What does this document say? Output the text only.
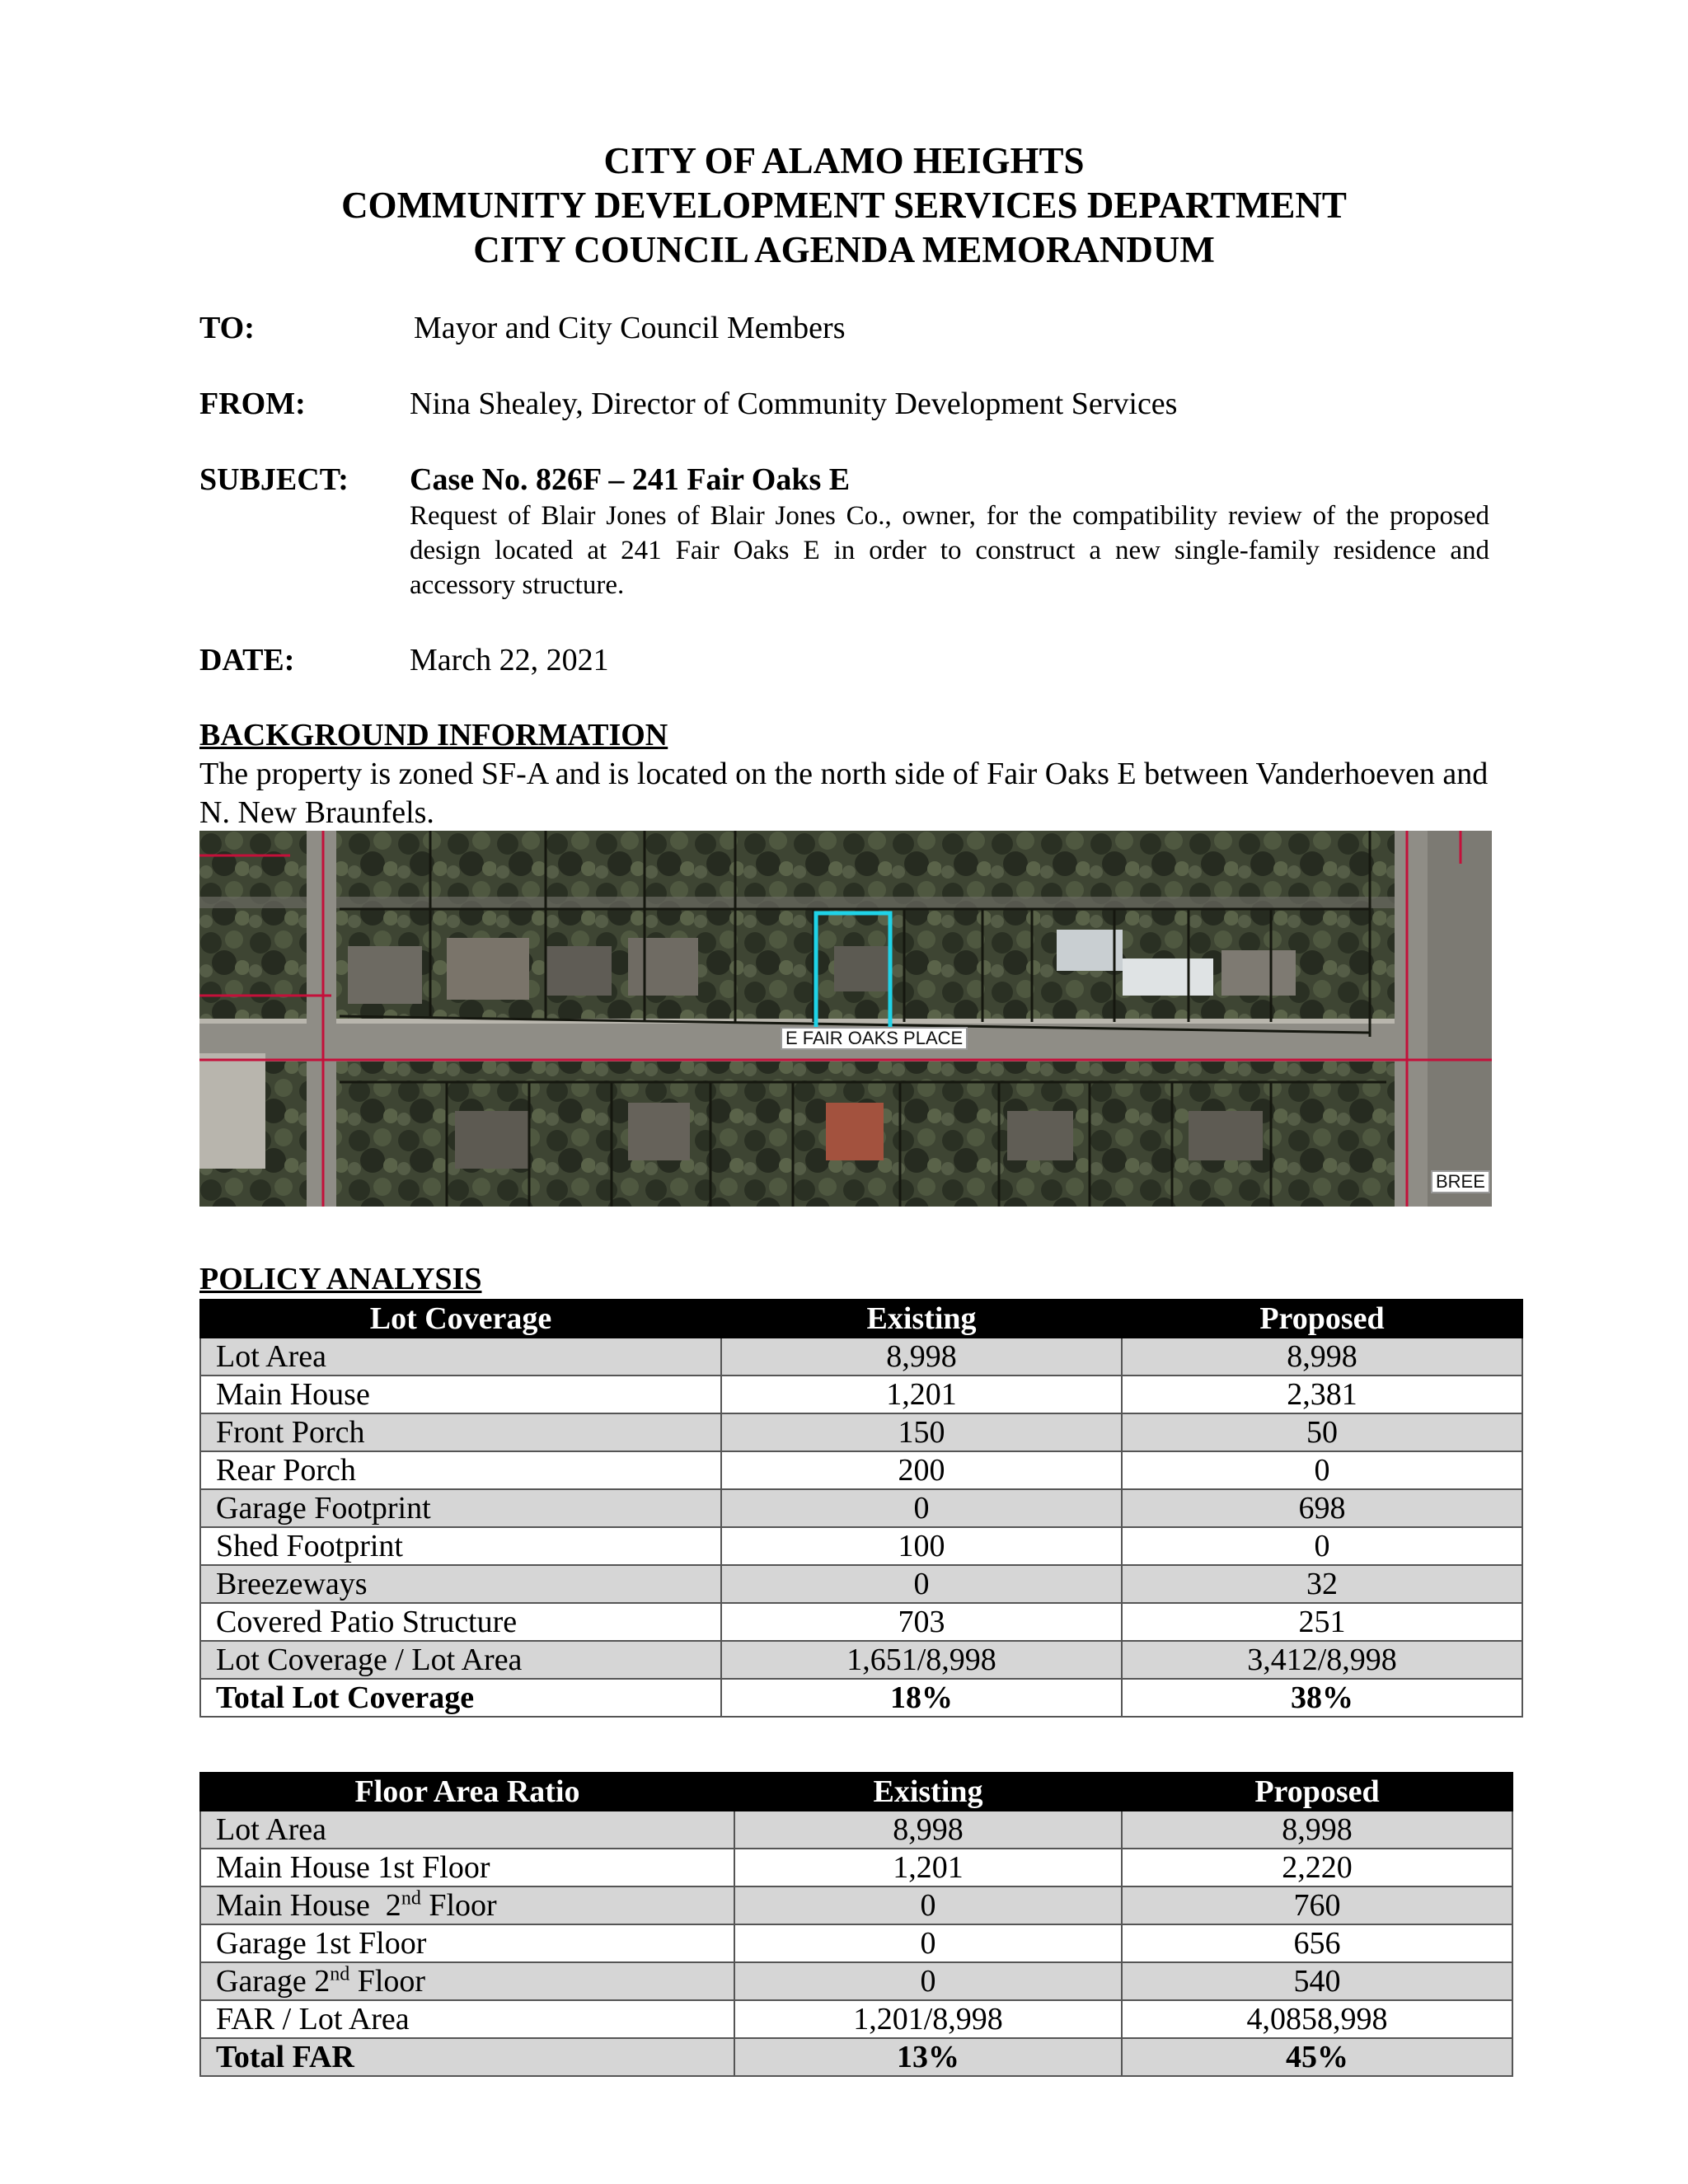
CITY OF ALAMO HEIGHTS
COMMUNITY DEVELOPMENT SERVICES DEPARTMENT
CITY COUNCIL AGENDA MEMORANDUM
TO:	Mayor and City Council Members
FROM:	Nina Shealey, Director of Community Development Services
SUBJECT: Case No. 826F – 241 Fair Oaks E
Request of Blair Jones of Blair Jones Co., owner, for the compatibility review of the proposed design located at 241 Fair Oaks E in order to construct a new single-family residence and accessory structure.
DATE:	March 22, 2021
BACKGROUND INFORMATION
The property is zoned SF-A and is located on the north side of Fair Oaks E between Vanderhoeven and N. New Braunfels.
E FAIR OAKS PLACE
BREE
POLICY ANALYSIS
Lot Coverage	Existing	Proposed
Lot Area	8,998	8,998
Main House	1,201	2,381
Front Porch	150	50
Rear Porch	200	0
Garage Footprint	0	698
Shed Footprint	100	0
Breezeways	0	32
Covered Patio Structure	703	251
Lot Coverage / Lot Area	1,651/8,998	3,412/8,998
Total Lot Coverage	18%	38%
Floor Area Ratio	Existing	Proposed
Lot Area	8,998	8,998
Main House 1st Floor	1,201	2,220
Main House  2nd Floor	0	760
Garage 1st Floor	0	656
Garage 2nd Floor	0	540
FAR / Lot Area	1,201/8,998	4,0858,998
Total FAR	13%	45%
